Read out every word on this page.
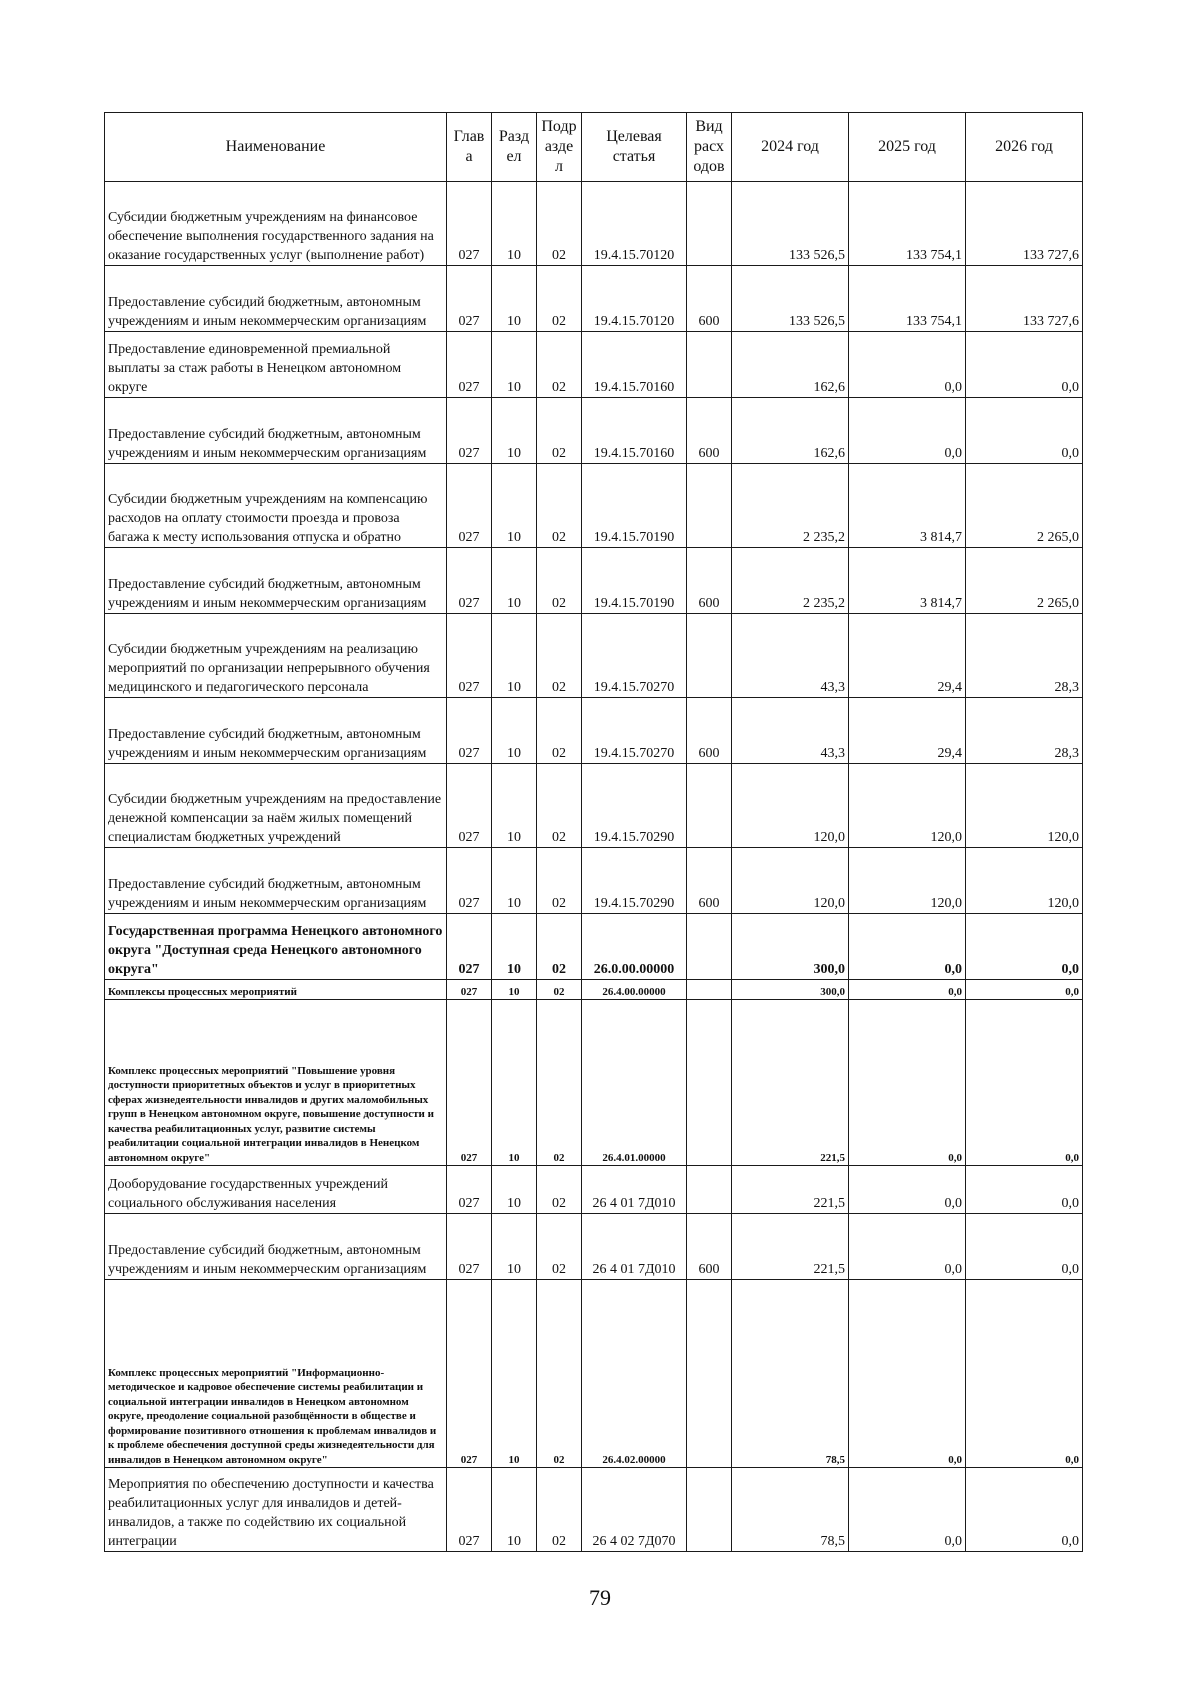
Наименование	Глав а	Разд ел	Подр азде л	Целевая статья	Вид расх одов	2024 год	2025 год	2026 год
Субсидии бюджетным учреждениям на финансовое обеспечение выполнения государственного задания на оказание государственных услуг (выполнение работ)	027	10	02	19.4.15.70120		133 526,5	133 754,1	133 727,6
Предоставление субсидий бюджетным, автономным учреждениям и иным некоммерческим организациям	027	10	02	19.4.15.70120	600	133 526,5	133 754,1	133 727,6
Предоставление единовременной премиальной выплаты за стаж работы в Ненецком автономном округе	027	10	02	19.4.15.70160		162,6	0,0	0,0
Предоставление субсидий бюджетным, автономным учреждениям и иным некоммерческим организациям	027	10	02	19.4.15.70160	600	162,6	0,0	0,0
Субсидии бюджетным учреждениям на компенсацию расходов на оплату стоимости проезда и провоза багажа к месту использования отпуска и обратно	027	10	02	19.4.15.70190		2 235,2	3 814,7	2 265,0
Предоставление субсидий бюджетным, автономным учреждениям и иным некоммерческим организациям	027	10	02	19.4.15.70190	600	2 235,2	3 814,7	2 265,0
Субсидии бюджетным учреждениям на реализацию мероприятий по организации непрерывного обучения медицинского и педагогического персонала	027	10	02	19.4.15.70270		43,3	29,4	28,3
Предоставление субсидий бюджетным, автономным учреждениям и иным некоммерческим организациям	027	10	02	19.4.15.70270	600	43,3	29,4	28,3
Субсидии бюджетным учреждениям на предоставление денежной компенсации за наём жилых помещений специалистам бюджетных учреждений	027	10	02	19.4.15.70290		120,0	120,0	120,0
Предоставление субсидий бюджетным, автономным учреждениям и иным некоммерческим организациям	027	10	02	19.4.15.70290	600	120,0	120,0	120,0
Государственная программа Ненецкого автономного округа "Доступная среда Ненецкого автономного округа"	027	10	02	26.0.00.00000		300,0	0,0	0,0
Комплексы процессных мероприятий	027	10	02	26.4.00.00000		300,0	0,0	0,0
Комплекс процессных мероприятий "Повышение уровня доступности приоритетных объектов и услуг в приоритетных сферах жизнедеятельности инвалидов и других маломобильных групп в Ненецком автономном округе, повышение доступности и качества реабилитационных услуг, развитие системы реабилитации социальной интеграции инвалидов в Ненецком автономном округе"	027	10	02	26.4.01.00000		221,5	0,0	0,0
Дооборудование государственных учреждений социального обслуживания населения	027	10	02	26 4 01 7Д010		221,5	0,0	0,0
Предоставление субсидий бюджетным, автономным учреждениям и иным некоммерческим организациям	027	10	02	26 4 01 7Д010	600	221,5	0,0	0,0
Комплекс процессных мероприятий "Информационно-методическое и кадровое обеспечение системы реабилитации и социальной интеграции инвалидов в Ненецком автономном округе, преодоление социальной разобщённости в обществе и формирование позитивного отношения к проблемам инвалидов и к проблеме обеспечения доступной среды жизнедеятельности для инвалидов в Ненецком автономном округе"	027	10	02	26.4.02.00000		78,5	0,0	0,0
Мероприятия по обеспечению доступности и качества реабилитационных услуг для инвалидов и детей-инвалидов, а также по содействию их социальной интеграции	027	10	02	26 4 02 7Д070		78,5	0,0	0,0
79
